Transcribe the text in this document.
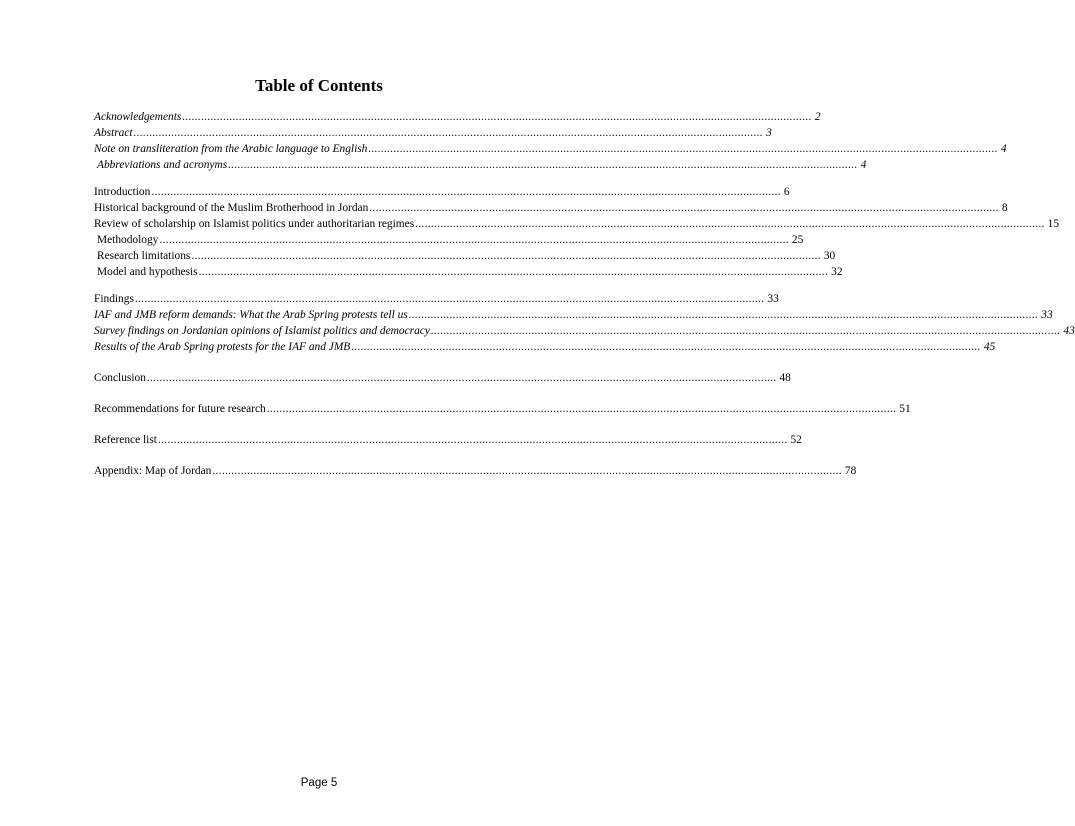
Table of Contents
Acknowledgements ........................................................................................................................................................................................................ 2
Abstract ........................................................................................................................................................................................................ 3
Note on transliteration from the Arabic language to English ........................................................................................................................................................................................................ 4
Abbreviations and acronyms ........................................................................................................................................................................................................ 4
Introduction ........................................................................................................................................................................................................ 6
Historical background of the Muslim Brotherhood in Jordan ........................................................................................................................................................................................................ 8
Review of scholarship on Islamist politics under authoritarian regimes ........................................................................................................................................................................................................ 15
Methodology ........................................................................................................................................................................................................ 25
Research limitations ........................................................................................................................................................................................................ 30
Model and hypothesis ........................................................................................................................................................................................................ 32
Findings ........................................................................................................................................................................................................ 33
IAF and JMB reform demands: What the Arab Spring protests tell us ........................................................................................................................................................................................................ 33
Survey findings on Jordanian opinions of Islamist politics and democracy ........................................................................................................................................................................................................ 43
Results of the Arab Spring protests for the IAF and JMB ........................................................................................................................................................................................................ 45
Conclusion ........................................................................................................................................................................................................ 48
Recommendations for future research ........................................................................................................................................................................................................ 51
Reference list ........................................................................................................................................................................................................ 52
Appendix: Map of Jordan ........................................................................................................................................................................................................ 78
Page 5
